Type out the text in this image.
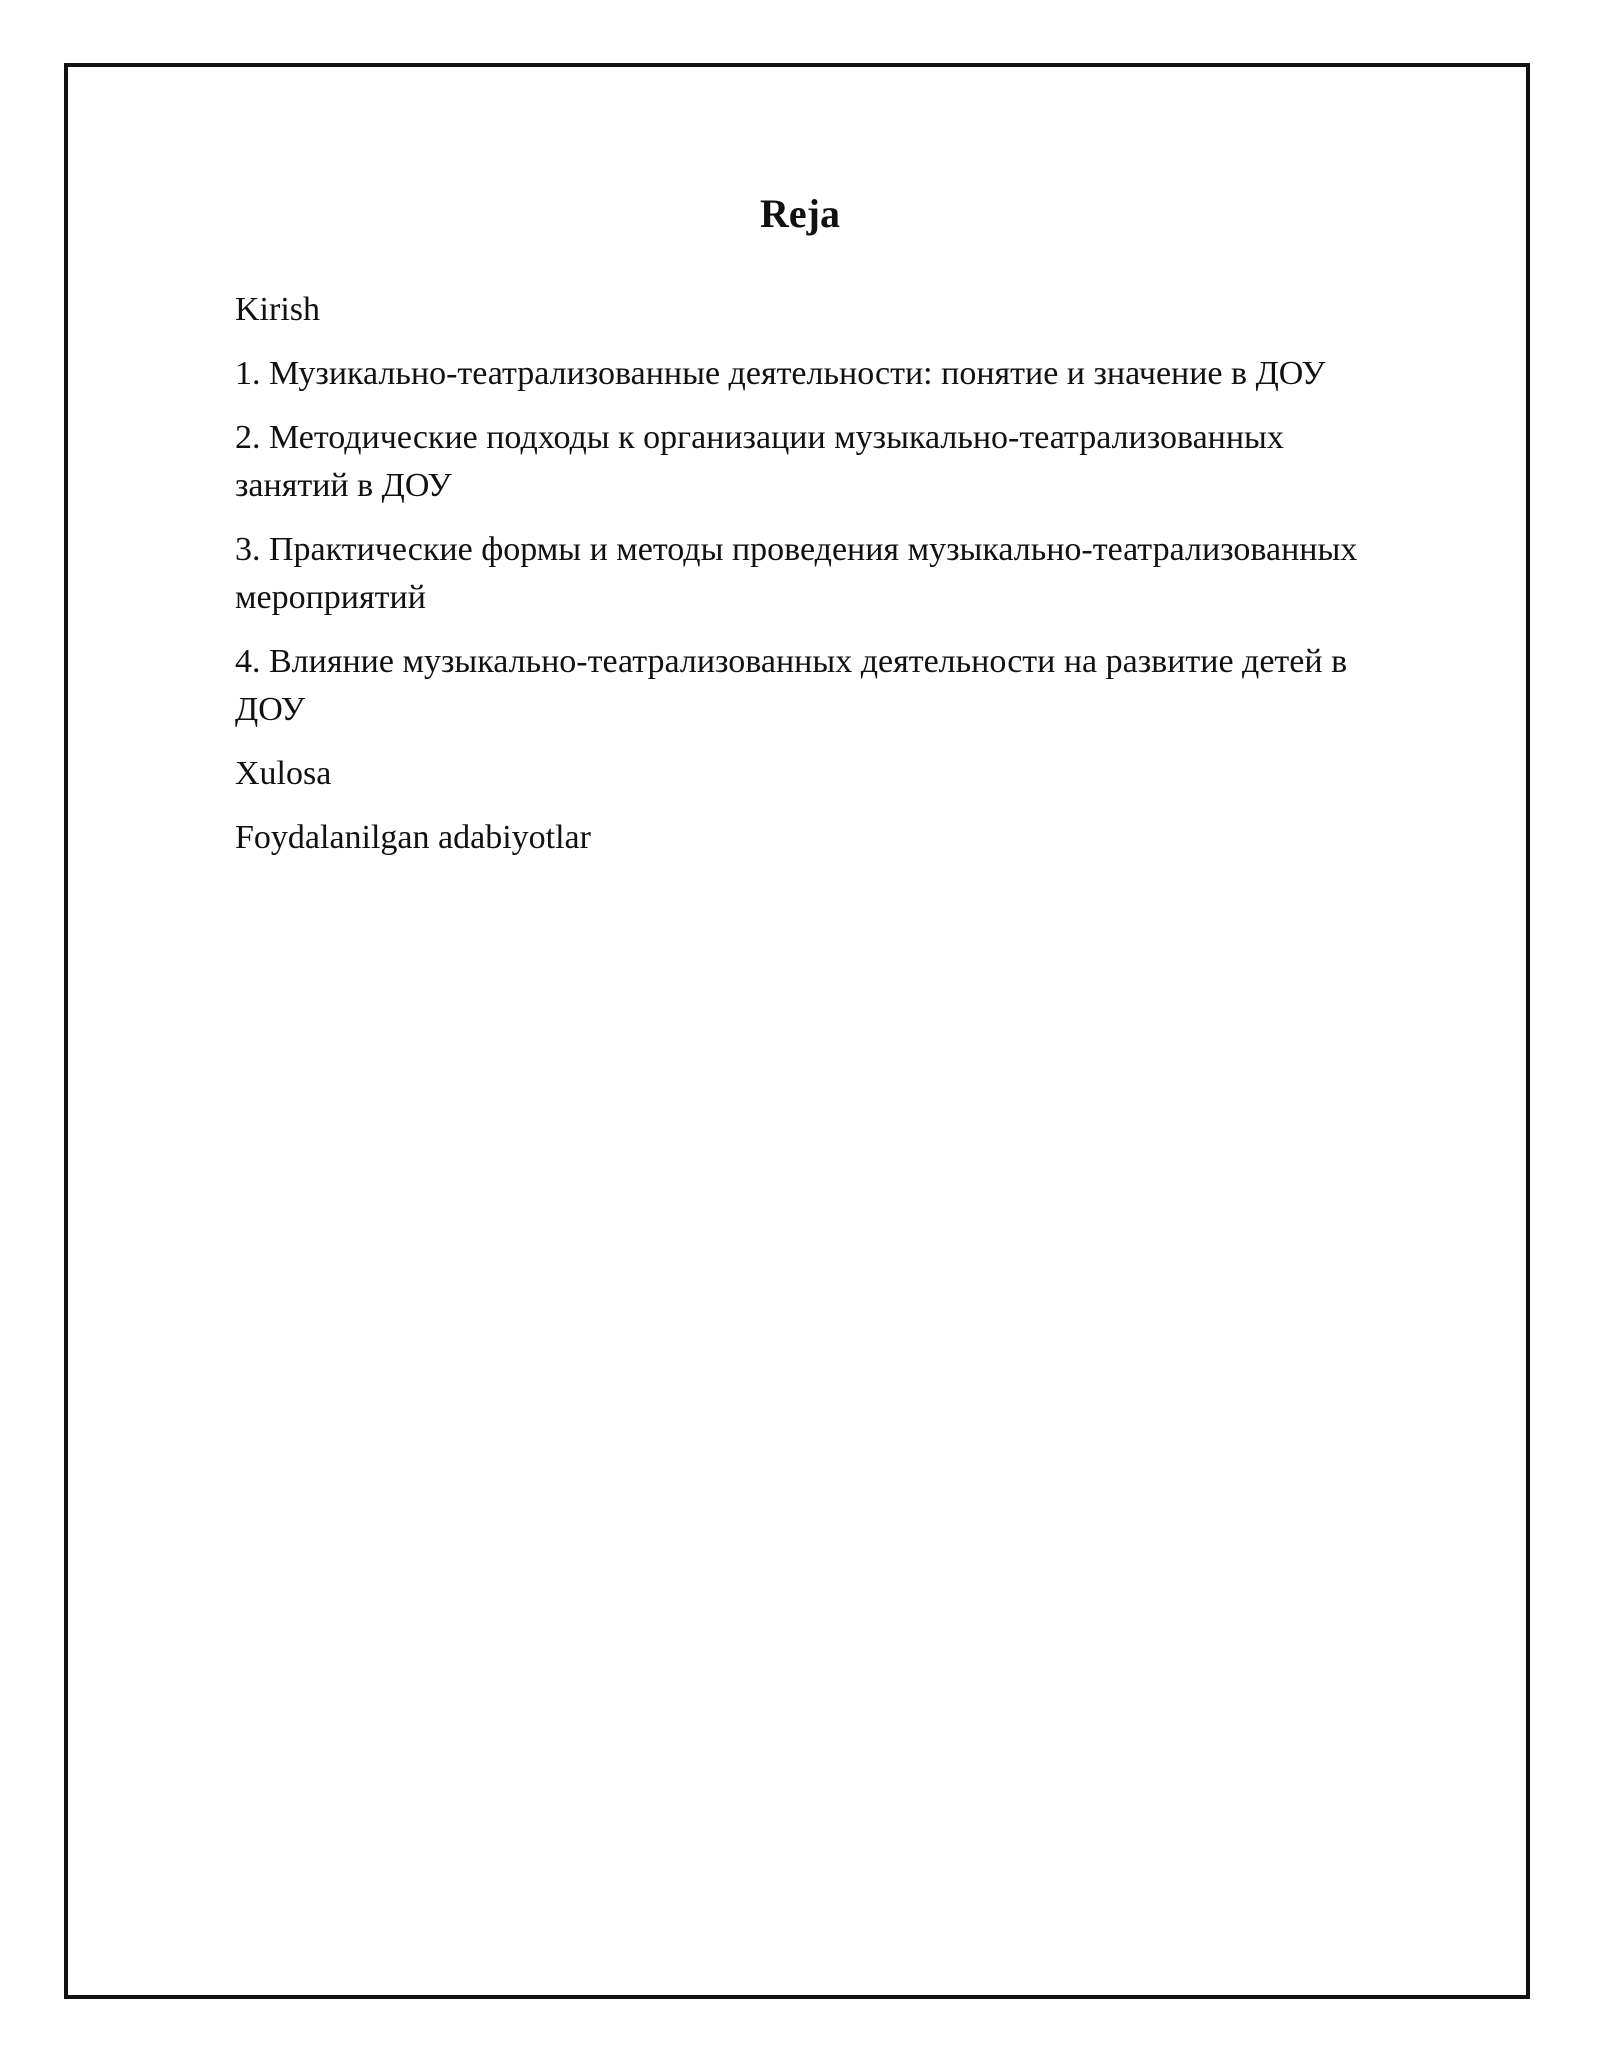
Reja
Kirish
1. Музикально-театрализованные деятельности: понятие и значение в ДОУ
2. Методические подходы к организации музыкально-театрализованных занятий в ДОУ
3. Практические формы и методы проведения музыкально-театрализованных мероприятий
4. Влияние музыкально-театрализованных деятельности на развитие детей в ДОУ
Xulosa
Foydalanilgan adabiyotlar
